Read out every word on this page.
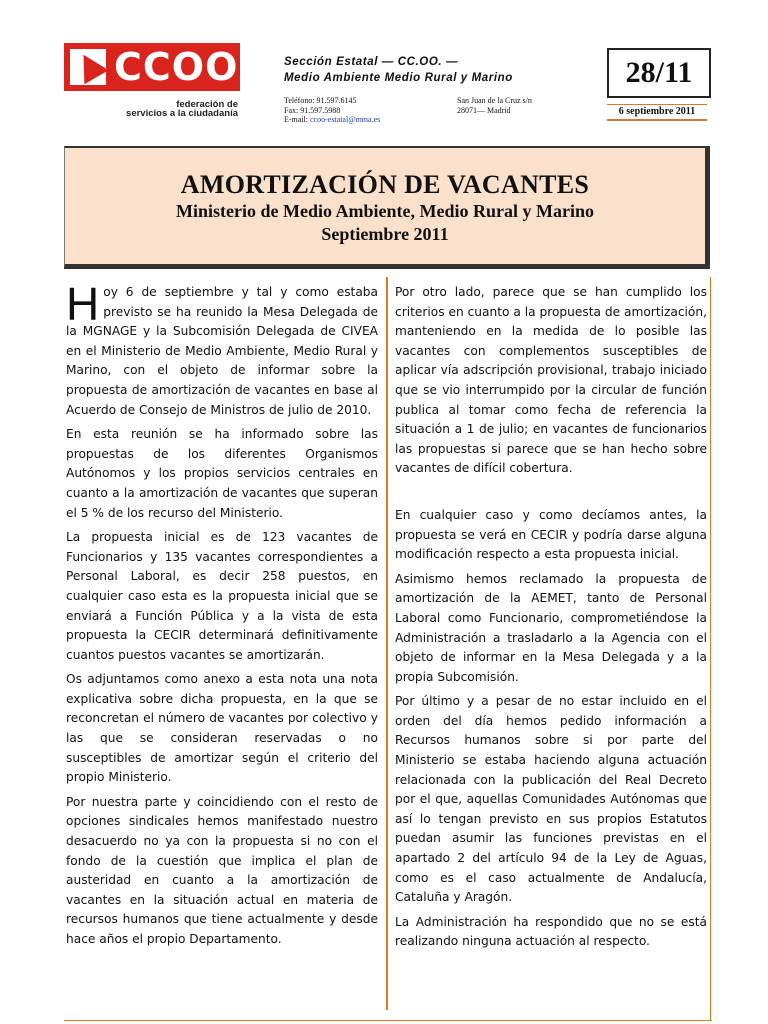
CCOO
federación de
servicios a la ciudadanía
Sección Estatal — CC.OO. —
Medio Ambiente Medio Rural y Marino
Teléfono: 91.597.6145
Fax: 91.597.5988
E-mail: ccoo-estatal@mma.es
San Juan de la Cruz s/n
28071— Madrid
28/11
6 septiembre 2011
AMORTIZACIÓN DE VACANTES
Ministerio de Medio Ambiente, Medio Rural y Marino
Septiembre 2011

Hoy 6 de septiembre y tal y como estaba previsto se ha reunido la Mesa Delegada de la MGNAGE y la Subcomisión Delegada de CIVEA en el Ministerio de Medio Ambiente, Medio Rural y Marino, con el objeto de informar sobre la propuesta de amortización de vacantes en base al Acuerdo de Consejo de Ministros de julio de 2010.

En esta reunión se ha informado sobre las propuestas de los diferentes Organismos Autónomos y los propios servicios centrales en cuanto a la amortización de vacantes que superan el 5 % de los recurso del Ministerio.

La propuesta inicial es de 123 vacantes de Funcionarios y 135 vacantes correspondientes a Personal Laboral, es decir 258 puestos, en cualquier caso esta es la propuesta inicial que se enviará a Función Pública y a la vista de esta propuesta la CECIR determinará definitivamente cuantos puestos vacantes se amortizarán.

Os adjuntamos como anexo a esta nota una nota explicativa sobre dicha propuesta, en la que se reconcretan el número de vacantes por colectivo y las que se consideran reservadas o no susceptibles de amortizar según el criterio del propio Ministerio.

Por nuestra parte y coincidiendo con el resto de opciones sindicales hemos manifestado nuestro desacuerdo no ya con la propuesta si no con el fondo de la cuestión que implica el plan de austeridad en cuanto a la amortización de vacantes en la situación actual en materia de recursos humanos que tiene actualmente y desde hace años el propio Departamento.

Por otro lado, parece que se han cumplido los criterios en cuanto a la propuesta de amortización, manteniendo en la medida de lo posible las vacantes con complementos susceptibles de aplicar vía adscripción provisional, trabajo iniciado que se vio interrumpido por la circular de función publica al tomar como fecha de referencia la situación a 1 de julio; en vacantes de funcionarios las propuestas si parece que se han hecho sobre vacantes de difícil cobertura.

En cualquier caso y como decíamos antes, la propuesta se verá en CECIR y podría darse alguna modificación respecto a esta propuesta inicial.

Asimismo hemos reclamado la propuesta de amortización de la AEMET, tanto de Personal Laboral como Funcionario, comprometiéndose la Administración a trasladarlo a la Agencia con el objeto de informar en la Mesa Delegada y a la propia Subcomisión.

Por último y a pesar de no estar incluido en el orden del día hemos pedido información a Recursos humanos sobre si por parte del Ministerio se estaba haciendo alguna actuación relacionada con la publicación del Real Decreto por el que, aquellas Comunidades Autónomas que así lo tengan previsto en sus propios Estatutos puedan asumir las funciones previstas en el apartado 2 del artículo 94 de la Ley de Aguas, como es el caso actualmente de Andalucía, Cataluña y Aragón.

La Administración ha respondido que no se está realizando ninguna actuación al respecto.
